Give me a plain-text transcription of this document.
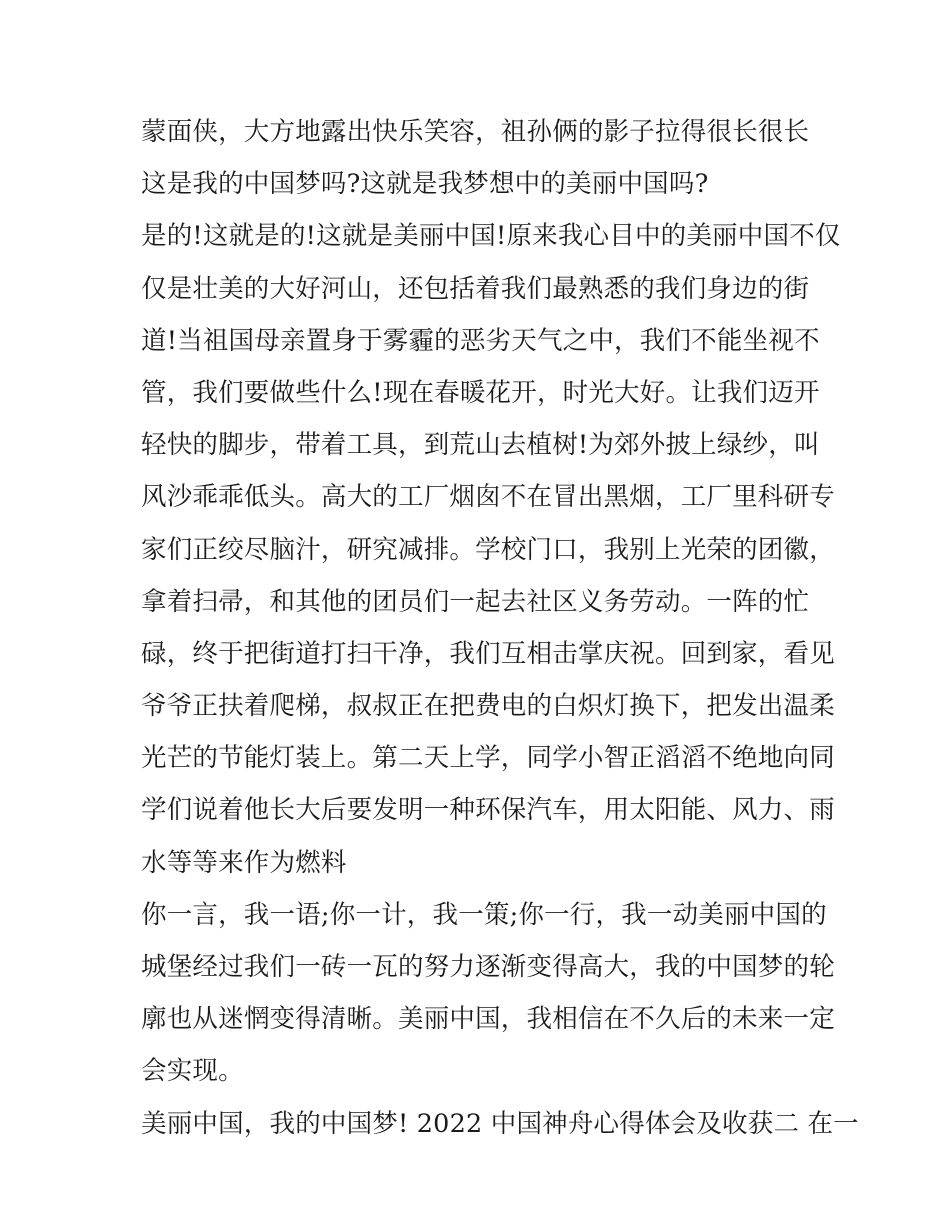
蒙面侠，大方地露出快乐笑容，祖孙俩的影子拉得很长很长
这是我的中国梦吗?这就是我梦想中的美丽中国吗?
是的!这就是的!这就是美丽中国!原来我心目中的美丽中国不仅
仅是壮美的大好河山，还包括着我们最熟悉的我们身边的街
道!当祖国母亲置身于雾霾的恶劣天气之中，我们不能坐视不
管，我们要做些什么!现在春暖花开，时光大好。让我们迈开
轻快的脚步，带着工具，到荒山去植树!为郊外披上绿纱，叫
风沙乖乖低头。高大的工厂烟囱不在冒出黑烟，工厂里科研专
家们正绞尽脑汁，研究减排。学校门口，我别上光荣的团徽，
拿着扫帚，和其他的团员们一起去社区义务劳动。一阵的忙
碌，终于把街道打扫干净，我们互相击掌庆祝。回到家，看见
爷爷正扶着爬梯，叔叔正在把费电的白炽灯换下，把发出温柔
光芒的节能灯装上。第二天上学，同学小智正滔滔不绝地向同
学们说着他长大后要发明一种环保汽车，用太阳能、风力、雨
水等等来作为燃料
你一言，我一语;你一计，我一策;你一行，我一动美丽中国的
城堡经过我们一砖一瓦的努力逐渐变得高大，我的中国梦的轮
廓也从迷惘变得清晰。美丽中国，我相信在不久后的未来一定
会实现。
美丽中国，我的中国梦! 2022 中国神舟心得体会及收获二 在一
